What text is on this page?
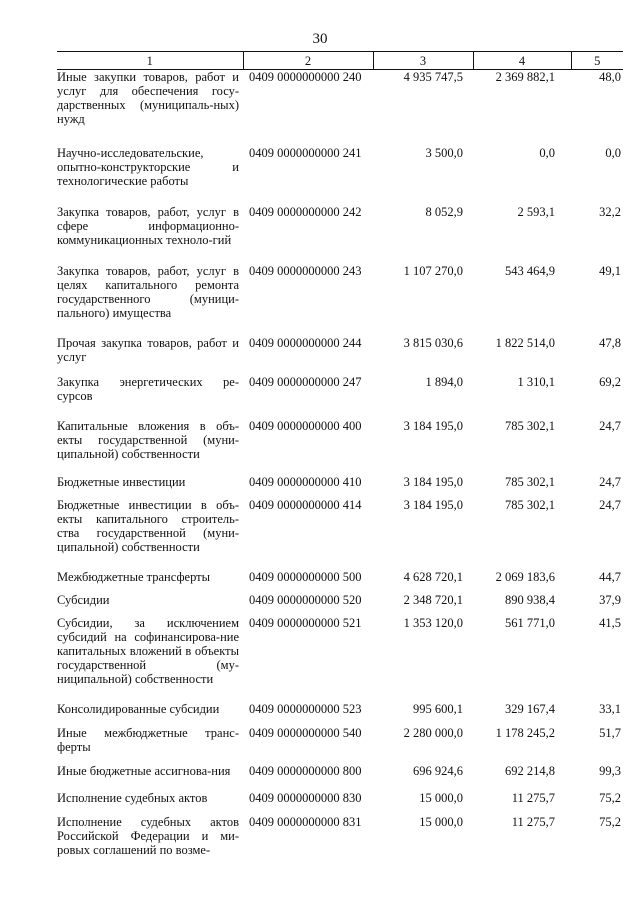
30
1	2	3	4	5
Иные закупки товаров, работ и услуг для обеспечения госу-дарственных (муниципаль-ных) нужд	0409 0000000000 240	4 935 747,5	2 369 882,1	48,0

Научно-исследовательские, опытно-конструкторские и технологические работы	0409 0000000000 241	3 500,0	0,0	0,0

Закупка товаров, работ, услуг в сфере информационно-коммуникационных техноло-гий	0409 0000000000 242	8 052,9	2 593,1	32,2

Закупка товаров, работ, услуг в целях капитального ремонта государственного (муници-пального) имущества	0409 0000000000 243	1 107 270,0	543 464,9	49,1

Прочая закупка товаров, работ и услуг	0409 0000000000 244	3 815 030,6	1 822 514,0	47,8

Закупка энергетических ре-сурсов	0409 0000000000 247	1 894,0	1 310,1	69,2

Капитальные вложения в объ-екты государственной (муни-ципальной) собственности	0409 0000000000 400	3 184 195,0	785 302,1	24,7

Бюджетные инвестиции	0409 0000000000 410	3 184 195,0	785 302,1	24,7

Бюджетные инвестиции в объ-екты капитального строитель-ства государственной (муни-ципальной) собственности	0409 0000000000 414	3 184 195,0	785 302,1	24,7

Межбюджетные трансферты	0409 0000000000 500	4 628 720,1	2 069 183,6	44,7

Субсидии	0409 0000000000 520	2 348 720,1	890 938,4	37,9

Субсидии, за исключением субсидий на софинансирова-ние капитальных вложений в объекты государственной (му-ниципальной) собственности	0409 0000000000 521	1 353 120,0	561 771,0	41,5

Консолидированные субсидии	0409 0000000000 523	995 600,1	329 167,4	33,1

Иные межбюджетные транс-ферты	0409 0000000000 540	2 280 000,0	1 178 245,2	51,7

Иные бюджетные ассигнова-ния	0409 0000000000 800	696 924,6	692 214,8	99,3

Исполнение судебных актов	0409 0000000000 830	15 000,0	11 275,7	75,2

Исполнение судебных актов Российской Федерации и ми-ровых соглашений по возме-	0409 0000000000 831	15 000,0	11 275,7	75,2
